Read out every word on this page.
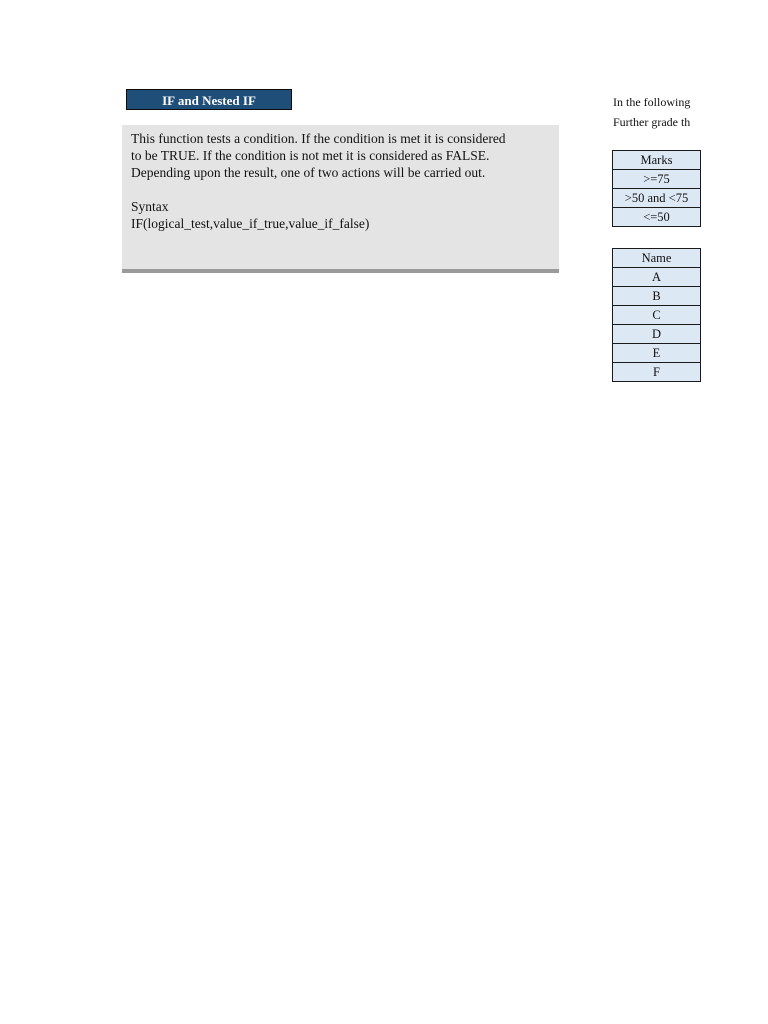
IF and Nested IF

This function tests a condition. If the condition is met it is considered

to be TRUE. If the condition is not met it is considered as FALSE.

Depending upon the result, one of two actions will be carried out.

Syntax

IF(logical_test,value_if_true,value_if_false)

In the following
Further grade th
Marks
>=75
>50 and <75
<=50
Name
A
B
C
D
E
F
